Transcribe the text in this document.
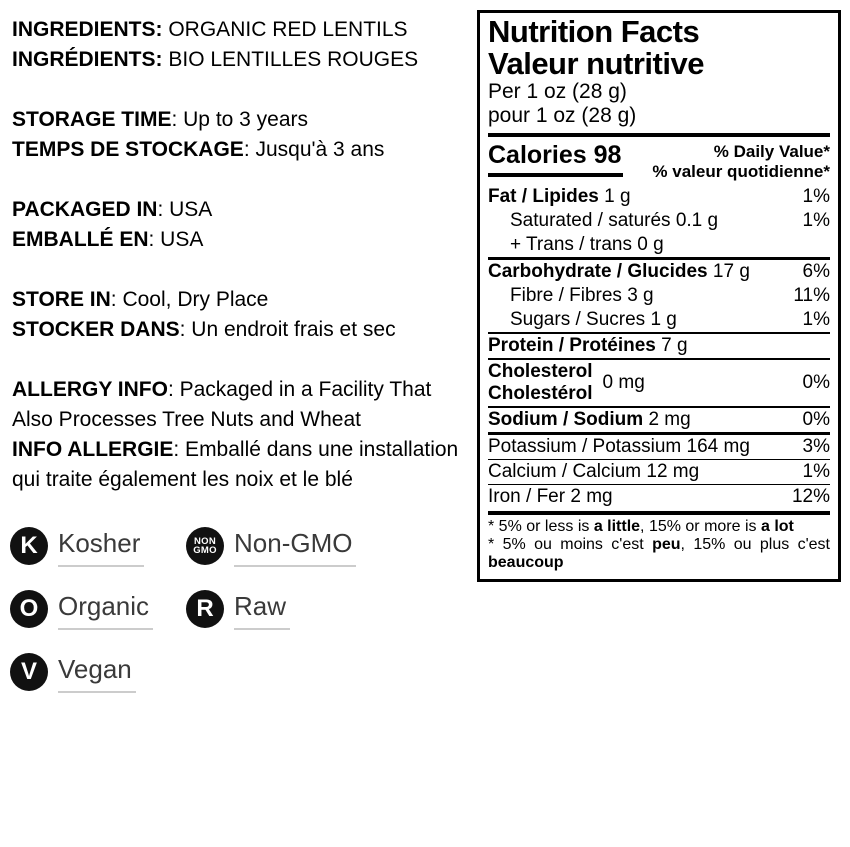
INGREDIENTS: ORGANIC RED LENTILS
INGRÉDIENTS: BIO LENTILLES ROUGES
STORAGE TIME: Up to 3 years
TEMPS DE STOCKAGE: Jusqu'à 3 ans
PACKAGED IN: USA
EMBALLÉ EN: USA
STORE IN: Cool, Dry Place
STOCKER DANS: Un endroit frais et sec
ALLERGY INFO: Packaged in a Facility That
Also Processes Tree Nuts and Wheat
INFO ALLERGIE: Emballé dans une installation
qui traite également les noix et le blé
K Kosher	NON
GMO Non-GMO
O Organic R Raw
V Vegan
Nutrition Facts
Valeur nutritive
Per 1 oz (28 g)
pour 1 oz (28 g)
Calories 98	% Daily Value*
% valeur quotidienne*
Fat / Lipides 1 g	1%
Saturated / saturés 0.1 g	1%
+ Trans / trans 0 g
Carbohydrate / Glucides 17 g	6%
Fibre / Fibres 3 g	11%
Sugars / Sucres 1 g	1%
Protein / Protéines 7 g
Cholesterol
Cholestérol
0 mg	0%
Sodium / Sodium 2 mg	0%
Potassium / Potassium 164 mg	3%
Calcium / Calcium 12 mg	1%
Iron / Fer 2 mg	12%
* 5% or less is a little, 15% or more is a lot
* 5% ou moins c'est peu, 15% ou plus c'est beaucoup
